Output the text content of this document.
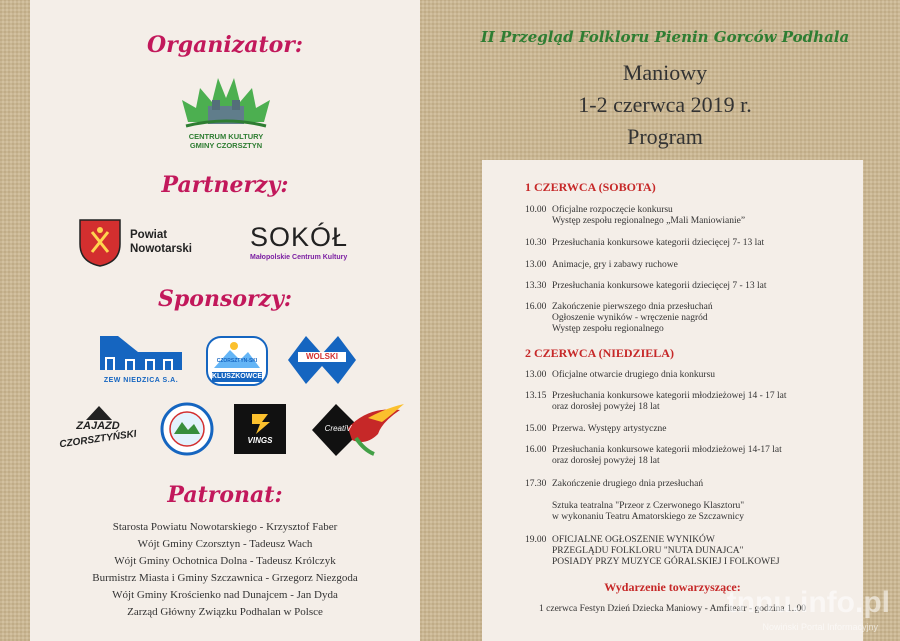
Organizator:
CENTRUM KULTURY
GMINY CZORSZTYN
Partnerzy:
Powiat
Nowotarski SOKÓŁ
Małopolskie Centrum Kultury
Sponsorzy:
ZEW NIEDZICA S.A.
CZORSZTYN-SKI
KLUSZKOWCE
WOLSKI
ZAJAZD
CZORSZTYŃSKI	VINGS
CreatiV
Patronat:
Starosta Powiatu Nowotarskiego - Krzysztof Faber
Wójt Gminy Czorsztyn - Tadeusz Wach
Wójt Gminy Ochotnica Dolna - Tadeusz Królczyk
Burmistrz Miasta i Gminy Szczawnica - Grzegorz Niezgoda
Wójt Gminy Krościenko nad Dunajcem - Jan Dyda
Zarząd Główny Związku Podhalan w Polsce
II Przegląd Folkloru Pienin Gorców Podhala
Maniowy
1-2 czerwca 2019 r.
Program
1 CZERWCA (SOBOTA)
10.00 Oficjalne rozpoczęcie konkursu
Występ zespołu regionalnego „Mali Maniowianie”
10.30 Przesłuchania konkursowe kategorii dziecięcej 7- 13 lat
13.00 Animacje, gry i zabawy ruchowe
13.30 Przesłuchania konkursowe kategorii dziecięcej 7 - 13 lat
16.00 Zakończenie pierwszego dnia przesłuchań
Ogłoszenie wyników - wręczenie nagród
Występ zespołu regionalnego
2 CZERWCA (NIEDZIELA)
13.00 Oficjalne otwarcie drugiego dnia konkursu
13.15 Przesłuchania konkursowe kategorii młodzieżowej 14 - 17 lat
oraz dorosłej powyżej 18 lat
15.00 Przerwa. Występy artystyczne
16.00 Przesłuchania konkursowe kategorii młodzieżowej 14-17 lat
oraz dorosłej powyżej 18 lat
17.30 Zakończenie drugiego dnia przesłuchań
Sztuka teatralna "Przeor z Czerwonego Klasztoru"
w wykonaniu Teatru Amatorskiego ze Szczawnicy
19.00 OFICJALNE OGŁOSZENIE WYNIKÓW
PRZEGLĄDU FOLKLORU "NUTA DUNAJCA"
POSIADY PRZY MUZYCE GÓRALSKIEJ I FOLKOWEJ
Wydarzenie towarzyszące:
1 czerwca Festyn Dzień Dziecka Maniowy - Amfiteatr - godzina 1..00
tnnu.info.pl
Nowiński Portal Informacyjny
